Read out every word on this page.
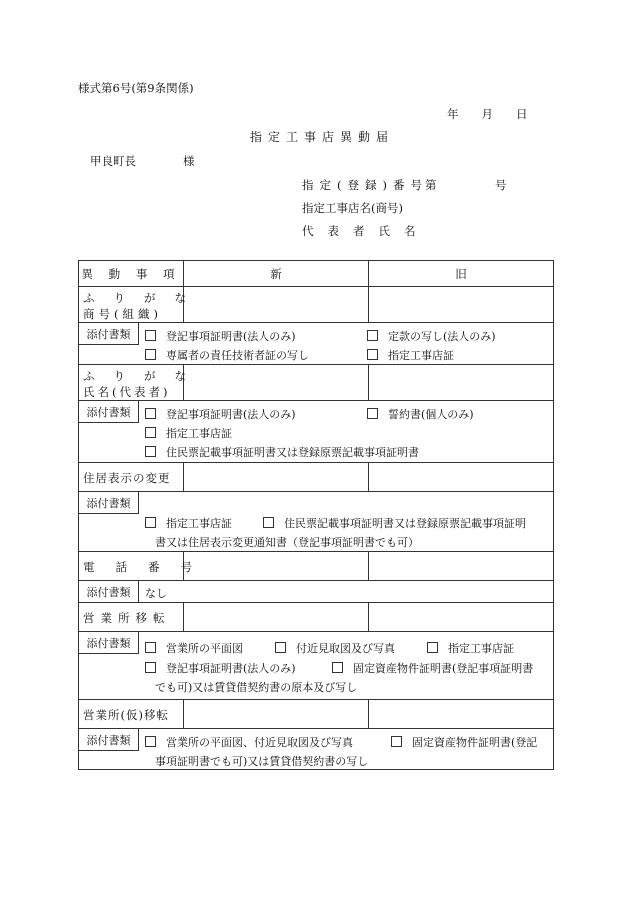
様式第6号(第9条関係)
年　　月　　日
指定工事店異動届
甲良町長	様
指定(登録)番号
第	号
指定工事店名(商号)
代表者氏名
異 動 事 項	新	旧
ふりがな
商号(組織)
添付書類	登記事項証明書(法人のみ)	定款の写し(法人のみ)
専属者の責任技術者証の写し	指定工事店証
ふりがな
氏名(代表者)
添付書類	登記事項証明書(法人のみ)	誓約書(個人のみ)
指定工事店証
住民票記載事項証明書又は登録原票記載事項証明書
住居表示の変更
添付書類
指定工事店証	住民票記載事項証明書又は登録原票記載事項証明
書又は住居表示変更通知書（登記事項証明書でも可）
電話番号
添付書類	なし
営業所移転
添付書類	営業所の平面図	付近見取図及び写真	指定工事店証
登記事項証明書(法人のみ)	固定資産物件証明書(登記事項証明書
でも可)又は賃貸借契約書の原本及び写し
営業所(仮)移転
添付書類	営業所の平面図、付近見取図及び写真	固定資産物件証明書(登記
事項証明書でも可)又は賃貸借契約書の写し
